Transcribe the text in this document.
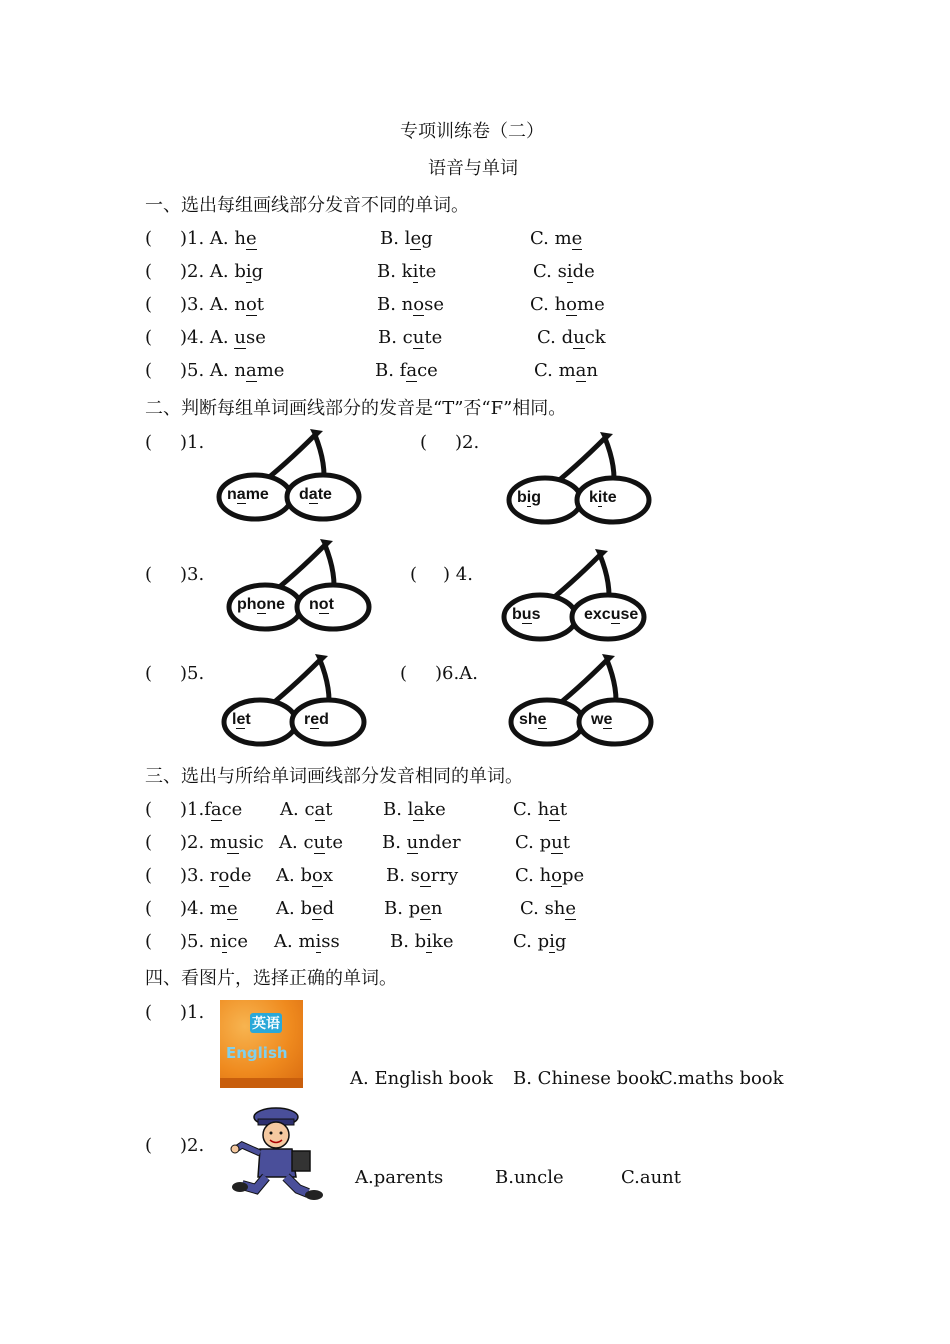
专项训练卷（二）
语音与单词
一、选出每组画线部分发音不同的单词。
( )1. A. he	B. leg	C. me
( )2. A. big	B. kite	C. side
( )3. A. not	B. nose	C. home
( )4. A. use	B. cute	C. duck
( )5. A. name	B. face	C. man
二、判断每组单词画线部分的发音是“T”否“F”相同。
( )1.
name date
( )2.
big	kite
( )3.
phone not
( ) 4.
bus	excuse
( )5.
let	red
( )6.A.
she	we
三、选出与所给单词画线部分发音相同的单词。
( )1.face A. cat	B. lake	C. hat
( )2. music A. cute B. under	C. put
( )3. rode A. box	B. sorry	C. hope
( )4. me A. bed	B. pen	C. she
( )5. nice A. miss	B. bike	C. pig
四、看图片，选择正确的单词。
( )1.
英语
English
A. English book B. Chinese book
C.maths book
( )2.
A.parents	B.uncle	C.aunt
